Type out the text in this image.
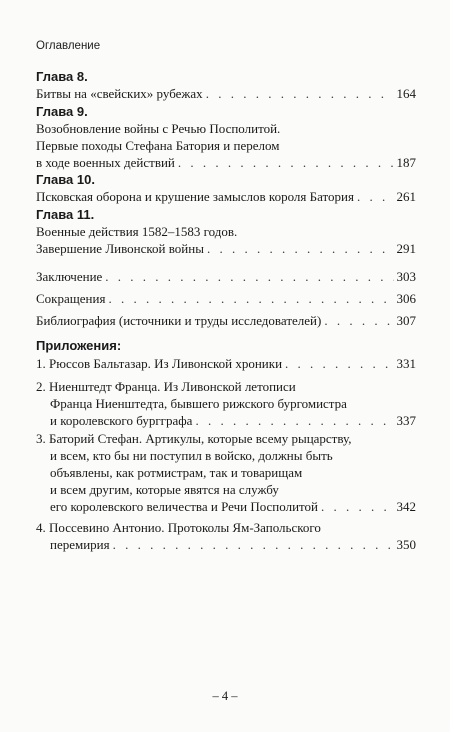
Оглавление
Глава 8.
Битвы на «свейских» рубежах . . .	164
Глава 9.
Возобновление войны с Речью Посполитой.
Первые походы Стефана Батория и перелом
в ходе военных действий . . .	187
Глава 10.
Псковская оборона и крушение замыслов короля Батория . . .	261
Глава 11.
Военные действия 1582–1583 годов.
Завершение Ливонской войны . . .	291
Заключение . . .	303
Сокращения . . .	306
Библиография (источники и труды исследователей) . . .	307
Приложения:
1. Рюссов Бальтазар. Из Ливонской хроники . . .	331
2. Ниенштедт Франца. Из Ливонской летописи
Франца Ниенштедта, бывшего рижского бургомистра
и королевского бургграфа . . .	337
3. Баторий Стефан. Артикулы, которые всему рыцарству,
и всем, кто бы ни поступил в войско, должны быть
объявлены, как ротмистрам, так и товарищам
и всем другим, которые явятся на службу
его королевского величества и Речи Посполитой . . .	342
4. Поссевино Антонио. Протоколы Ям-Запольского
перемирия . . .	350
– 4 –
